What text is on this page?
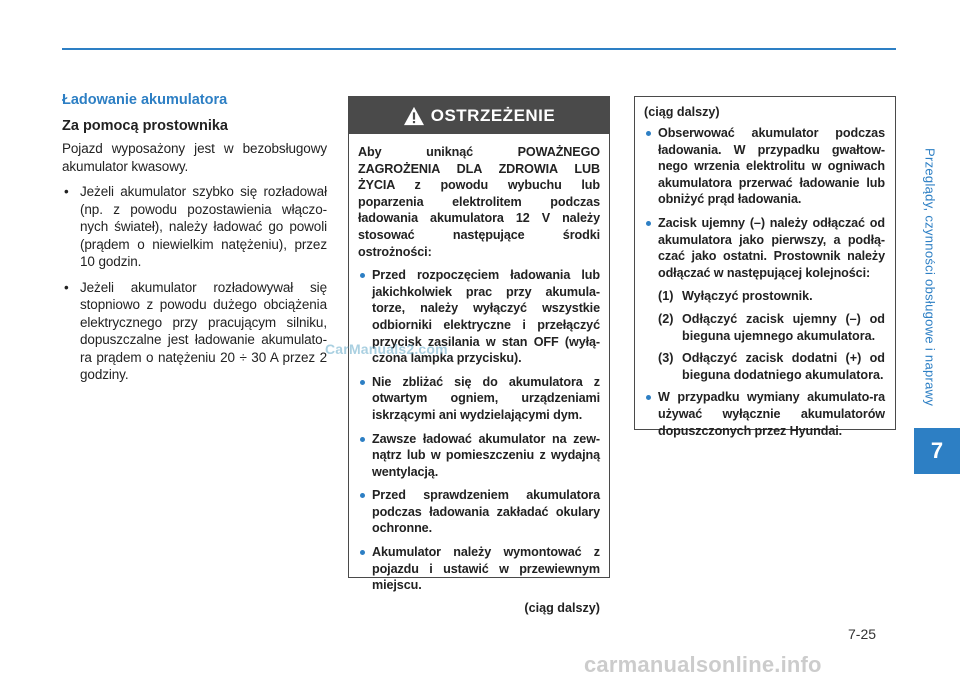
Ładowanie akumulatora
Za pomocą prostownika

Pojazd wyposażony jest w bezobsługowy akumulator kwasowy.

• Jeżeli akumulator szybko się rozładował (np. z powodu pozostawienia włączo-nych świateł), należy ładować go powoli (prądem o niewielkim natężeniu), przez 10 godzin.
• Jeżeli akumulator rozładowywał się stopniowo z powodu dużego obciążenia elektrycznego przy pracującym silniku, dopuszczalne jest ładowanie akumulato-ra prądem o natężeniu 20 ÷ 30 A przez 2 godziny.
OSTRZEŻENIE

Aby uniknąć POWAŻNEGO ZAGROŻENIA DLA ZDROWIA LUB ŻYCIA z powodu wybuchu lub poparzenia elektrolitem podczas ładowania akumulatora 12 V należy stosować następujące środki ostrożności:

Przed rozpoczęciem ładowania lub jakichkolwiek prac przy akumula-torze, należy wyłączyć wszystkie odbiorniki elektryczne i przełączyć przycisk zasilania w stan OFF (wyłą-czona lampka przycisku).
Nie zbliżać się do akumulatora z otwartym ogniem, urządzeniami iskrzącymi ani wydzielającymi dym.
Zawsze ładować akumulator na zew-nątrz lub w pomieszczeniu z wydajną wentylacją.
Przed sprawdzeniem akumulatora podczas ładowania zakładać okulary ochronne.
Akumulator należy wymontować z pojazdu i ustawić w przewiewnym miejscu.
(ciąg dalszy)
(ciąg dalszy)
Obserwować akumulator podczas ładowania. W przypadku gwałtow-nego wrzenia elektrolitu w ogniwach akumulatora przerwać ładowanie lub obniżyć prąd ładowania.
Zacisk ujemny (–) należy odłączać od akumulatora jako pierwszy, a podłą-czać jako ostatni. Prostownik należy odłączać w następującej kolejności:
(1) Wyłączyć prostownik.
(2) Odłączyć zacisk ujemny (–) od bieguna ujemnego akumulatora.
(3) Odłączyć zacisk dodatni (+) od bieguna dodatniego akumulatora.
W przypadku wymiany akumulato-ra używać wyłącznie akumulatorów dopuszczonych przez Hyundai.
Przeglądy, czynności obsługowe i naprawy
7
7-25
CarManuals2.com
carmanualsonline.info
